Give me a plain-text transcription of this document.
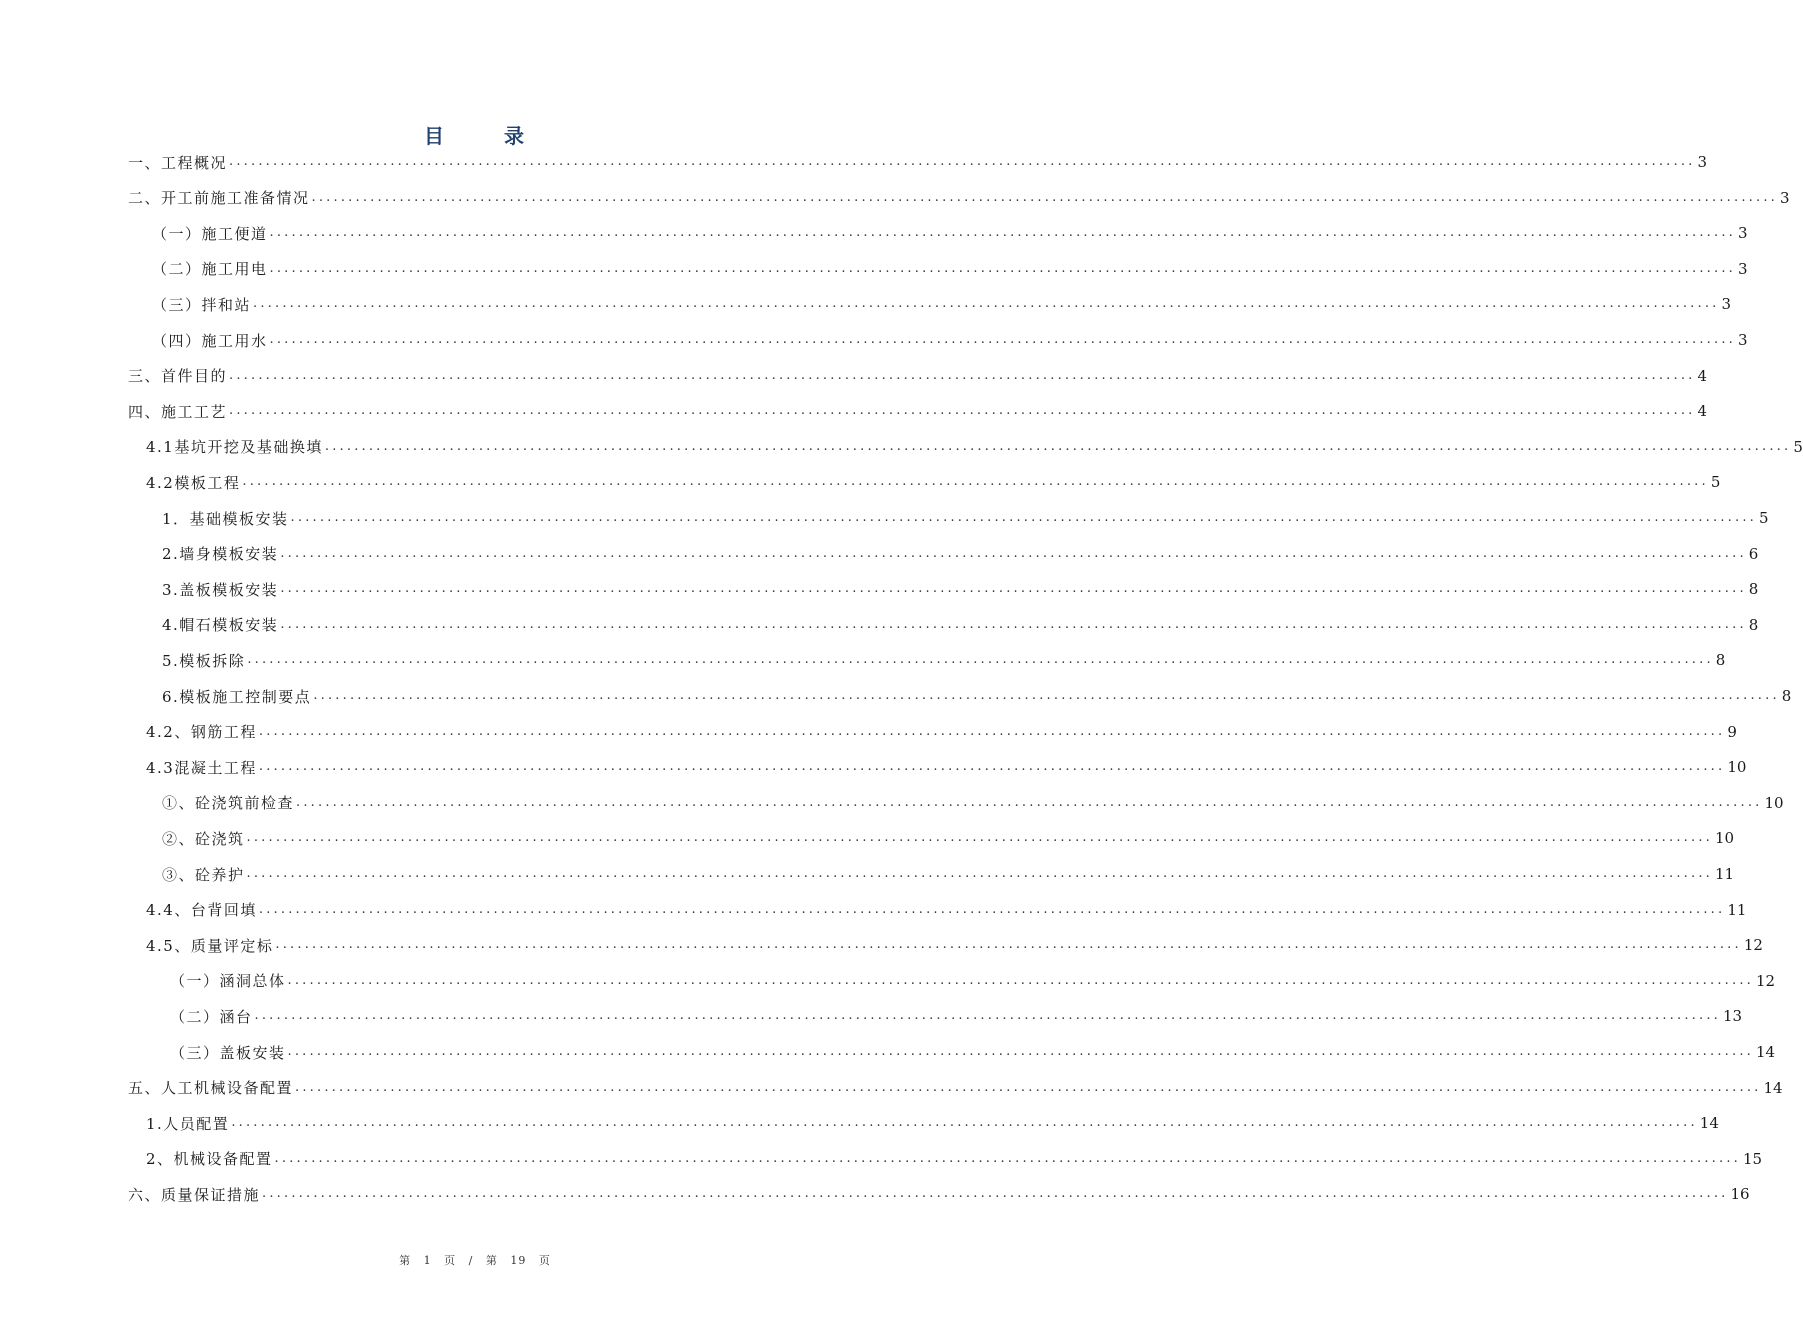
目	录
一、工程概况 ........................................................................................................................................................................................................ 3
二、开工前施工准备情况 ........................................................................................................................................................................................................ 3
（一）施工便道 ........................................................................................................................................................................................................ 3
（二）施工用电 ........................................................................................................................................................................................................ 3
（三）拌和站 ........................................................................................................................................................................................................ 3
（四）施工用水 ........................................................................................................................................................................................................ 3
三、首件目的 ........................................................................................................................................................................................................ 4
四、施工工艺 ........................................................................................................................................................................................................ 4
4.1基坑开挖及基础换填 ........................................................................................................................................................................................................ 5
4.2模板工程 ........................................................................................................................................................................................................ 5
1．基础模板安装 ........................................................................................................................................................................................................ 5
2.墙身模板安装 ........................................................................................................................................................................................................ 6
3.盖板模板安装 ........................................................................................................................................................................................................ 8
4.帽石模板安装 ........................................................................................................................................................................................................ 8
5.模板拆除 ........................................................................................................................................................................................................ 8
6.模板施工控制要点 ........................................................................................................................................................................................................ 8
4.2、钢筋工程 ........................................................................................................................................................................................................ 9
4.3混凝土工程 ........................................................................................................................................................................................................ 10
①、砼浇筑前检查 ........................................................................................................................................................................................................ 10
②、砼浇筑 ........................................................................................................................................................................................................ 10
③、砼养护 ........................................................................................................................................................................................................ 11
4.4、台背回填 ........................................................................................................................................................................................................ 11
4.5、质量评定标 ........................................................................................................................................................................................................ 12
（一）涵洞总体 ........................................................................................................................................................................................................ 12
（二）涵台 ........................................................................................................................................................................................................ 13
（三）盖板安装 ........................................................................................................................................................................................................ 14
五、人工机械设备配置 ........................................................................................................................................................................................................ 14
1.人员配置 ........................................................................................................................................................................................................ 14
2、机械设备配置 ........................................................................................................................................................................................................ 15
六、质量保证措施 ........................................................................................................................................................................................................ 16
第 1 页 / 第 19 页
